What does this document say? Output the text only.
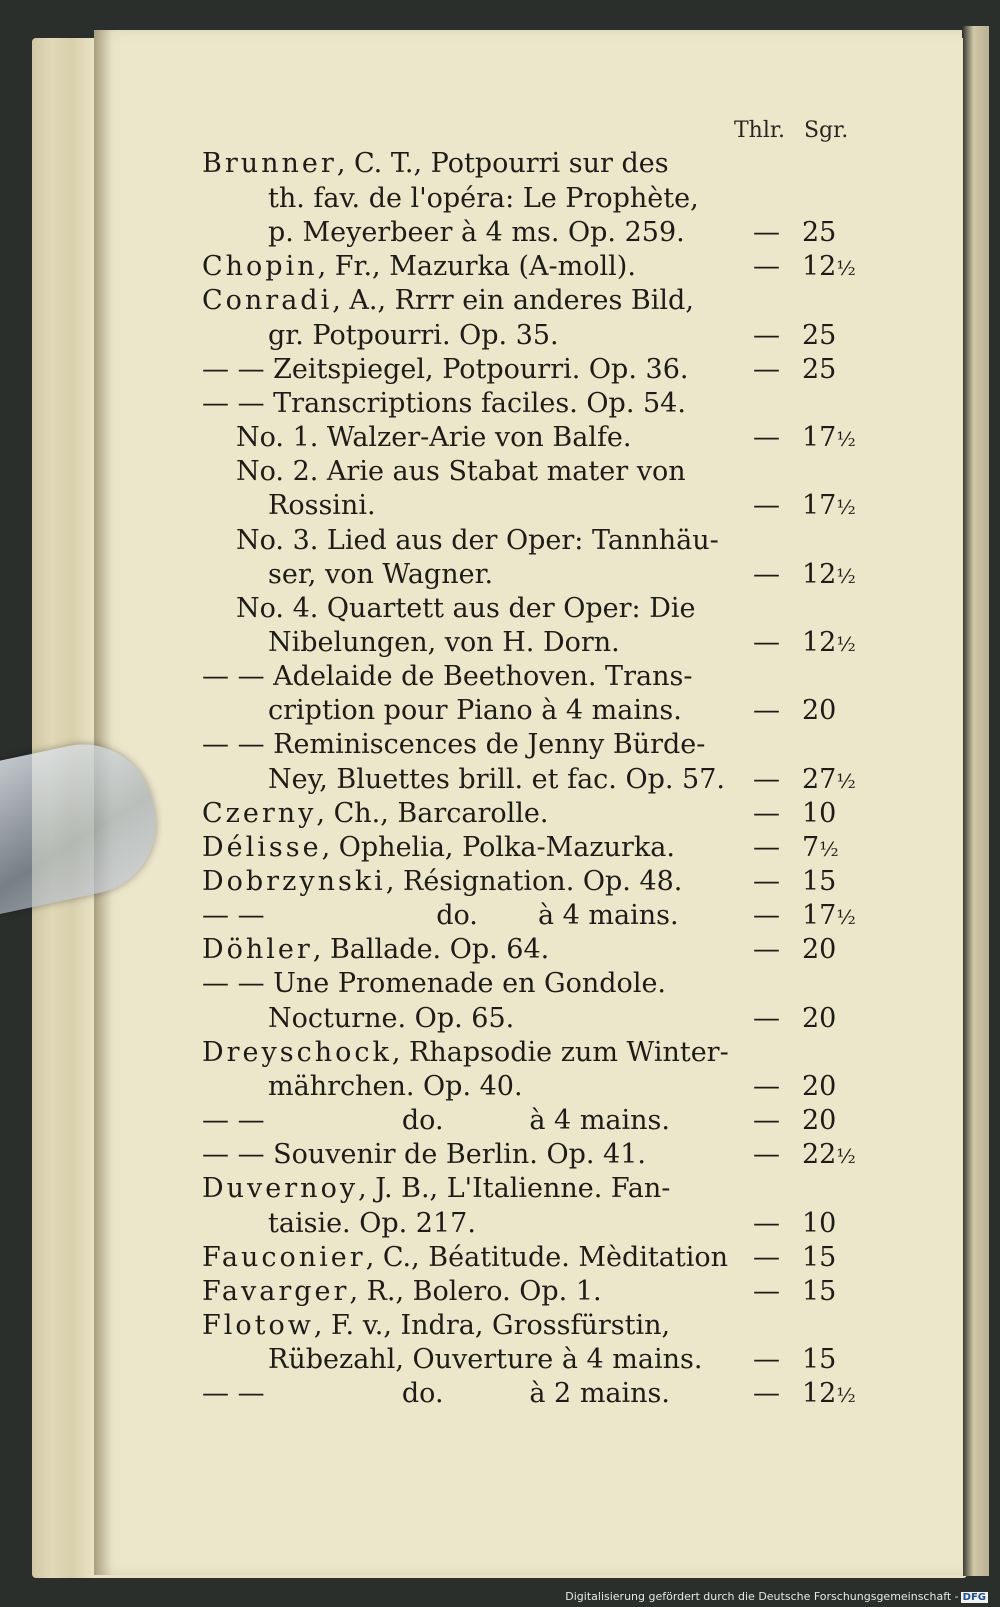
Thlr. Sgr.
Brunner, C. T., Potpourri sur des
th. fav. de l'opéra: Le Prophète,
p. Meyerbeer à 4 ms. Op. 259.	— 25
Chopin, Fr., Mazurka (A-moll).	— 12½
Conradi, A., Rrrr ein anderes Bild,
gr. Potpourri. Op. 35.	— 25
— — Zeitspiegel, Potpourri. Op. 36. — 25
— — Transcriptions faciles. Op. 54.
No. 1. Walzer-Arie von Balfe.	— 17½
No. 2. Arie aus Stabat mater von
Rossini.	— 17½
No. 3. Lied aus der Oper: Tannhäu-
ser, von Wagner.	— 12½
No. 4. Quartett aus der Oper: Die
Nibelungen, von H. Dorn.	— 12½
— — Adelaide de Beethoven. Trans-
cription pour Piano à 4 mains.	— 20
— — Reminiscences de Jenny Bürde-
Ney, Bluettes brill. et fac. Op. 57. — 27½
Czerny, Ch., Barcarolle.	— 10
Délisse, Ophelia, Polka-Mazurka.	— 7½
Dobrzynski, Résignation. Op. 48.	— 15
— —                    do.       à 4 mains.	— 17½
Döhler, Ballade. Op. 64.	— 20
— — Une Promenade en Gondole.
Nocturne. Op. 65.	— 20
Dreyschock, Rhapsodie zum Winter-
mährchen. Op. 40.	— 20
— —                do.          à 4 mains.	— 20
— — Souvenir de Berlin. Op. 41.	— 22½
Duvernoy, J. B., L'Italienne. Fan-
taisie. Op. 217.	— 10
Fauconier, C., Béatitude. Mèditation — 15
Favarger, R., Bolero. Op. 1.	— 15
Flotow, F. v., Indra, Grossfürstin,
Rübezahl, Ouverture à 4 mains. — 15
— —                do.          à 2 mains.	— 12½
Digitalisierung gefördert durch die Deutsche Forschungsgemeinschaft - DFG
